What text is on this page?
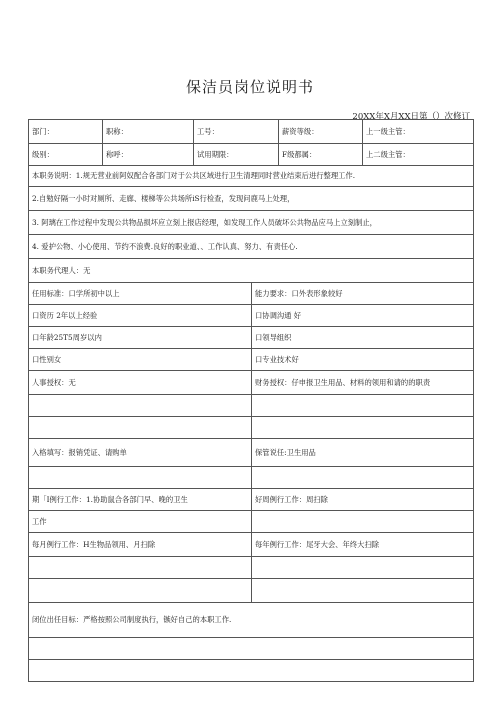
保洁员岗位说明书
20XX年X月XX日第（）次修订
部门：	职称：	工号：		薪资等级：	上一级主管：
级别：	称呼：	试用期限：		F级都属：	上二级主管：
本职务说明：1.规无营业前阿奴配合各部门对于公共区域进行卫生清理同时营业结束后进行整理工作.					
2.自勉好隔一小时对厕所、走廊、楼梯等公共场所iS行检查，发现问鹿马上处理，					
3. 阿璃在工作过程中发现公共物品损坏应立刻上报店经理，如发现工作人员破坏公共物品应马上立刻制止，					
4. 爱护公物、小心使用、节约不浪费.良好的职业道、、工作认真、努力、有责任心.					
本职务代理人：无					
任用标准：口学所初中以上			能力要求：口外表形象较好		
口资历 2年以上经验			口协调沟通 好		
口年龄25T5周岁以内			口领导组织		
口性别女			口专业技术好		
人事授权：无			财务授权：仔申报卫生用品、材料的领用和请的的职责		

入格填写：报销凭证、请购单			保管说任:卫生用品		

期「I例行工作：1.协助鼠合各部门早、晚的卫生			好周例行工作：周扫除		
工作					
每月例行工作：H生物品领用、月扫除			每年例行工作：尾牙大会、年终大扫除		

闭位出任目标：严格按照公司制度执行，镞好自己的本职工作.					
